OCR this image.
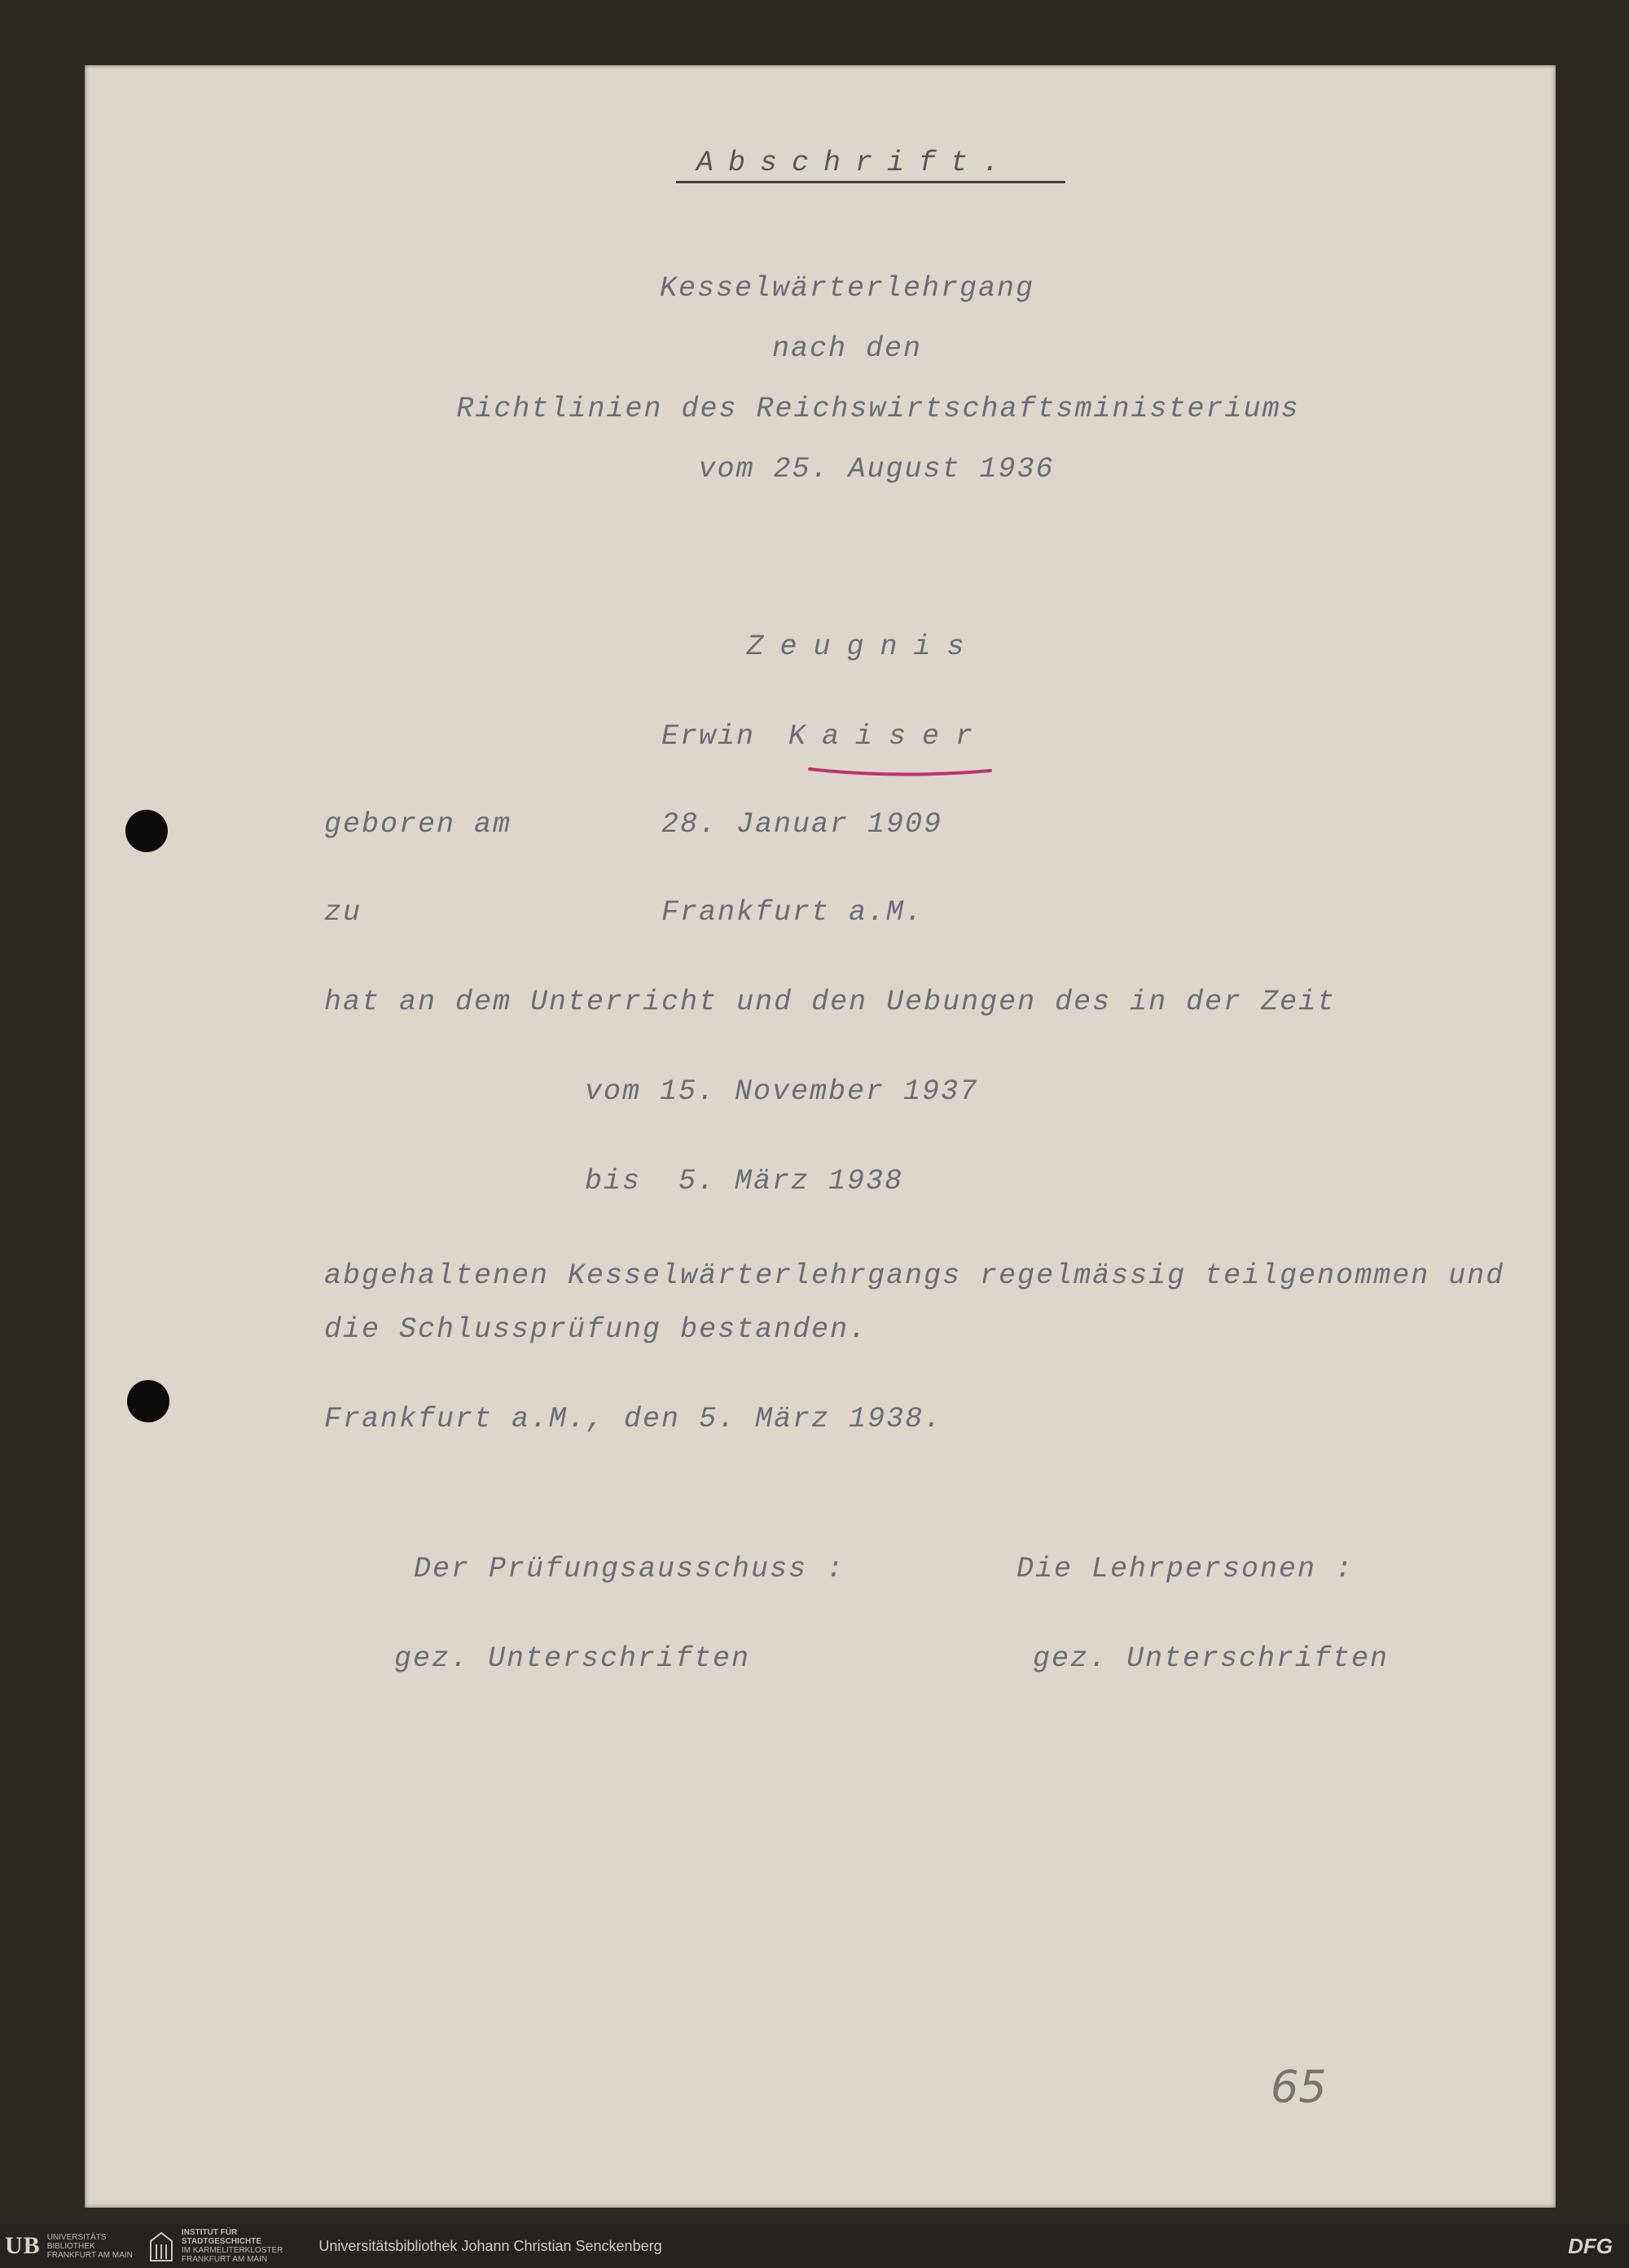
Abschrift.
Kesselwärterlehrgang
nach den
Richtlinien des Reichswirtschaftsministeriums
vom 25. August 1936
Zeugnis
Erwin Kaiser
geboren am	28. Januar 1909
zu	Frankfurt a.M.
hat an dem Unterricht und den Uebungen des in der Zeit
vom 15. November 1937
bis  5. März 1938
abgehaltenen Kesselwärterlehrgangs regelmässig teilgenommen und
die Schlussprüfung bestanden.
Frankfurt a.M., den 5. März 1938.
Der Prüfungsausschuss :
gez. Unterschriften
Die Lehrpersonen :
gez. Unterschriften
65
UB UNIVERSITÄTS
BIBLIOTHEK
FRANKFURT AM MAIN
INSTITUT FÜR
STADTGESCHICHTE
IM KARMELITERKLOSTER
FRANKFURT AM MAIN
Universitätsbibliothek Johann Christian Senckenberg	DFG
